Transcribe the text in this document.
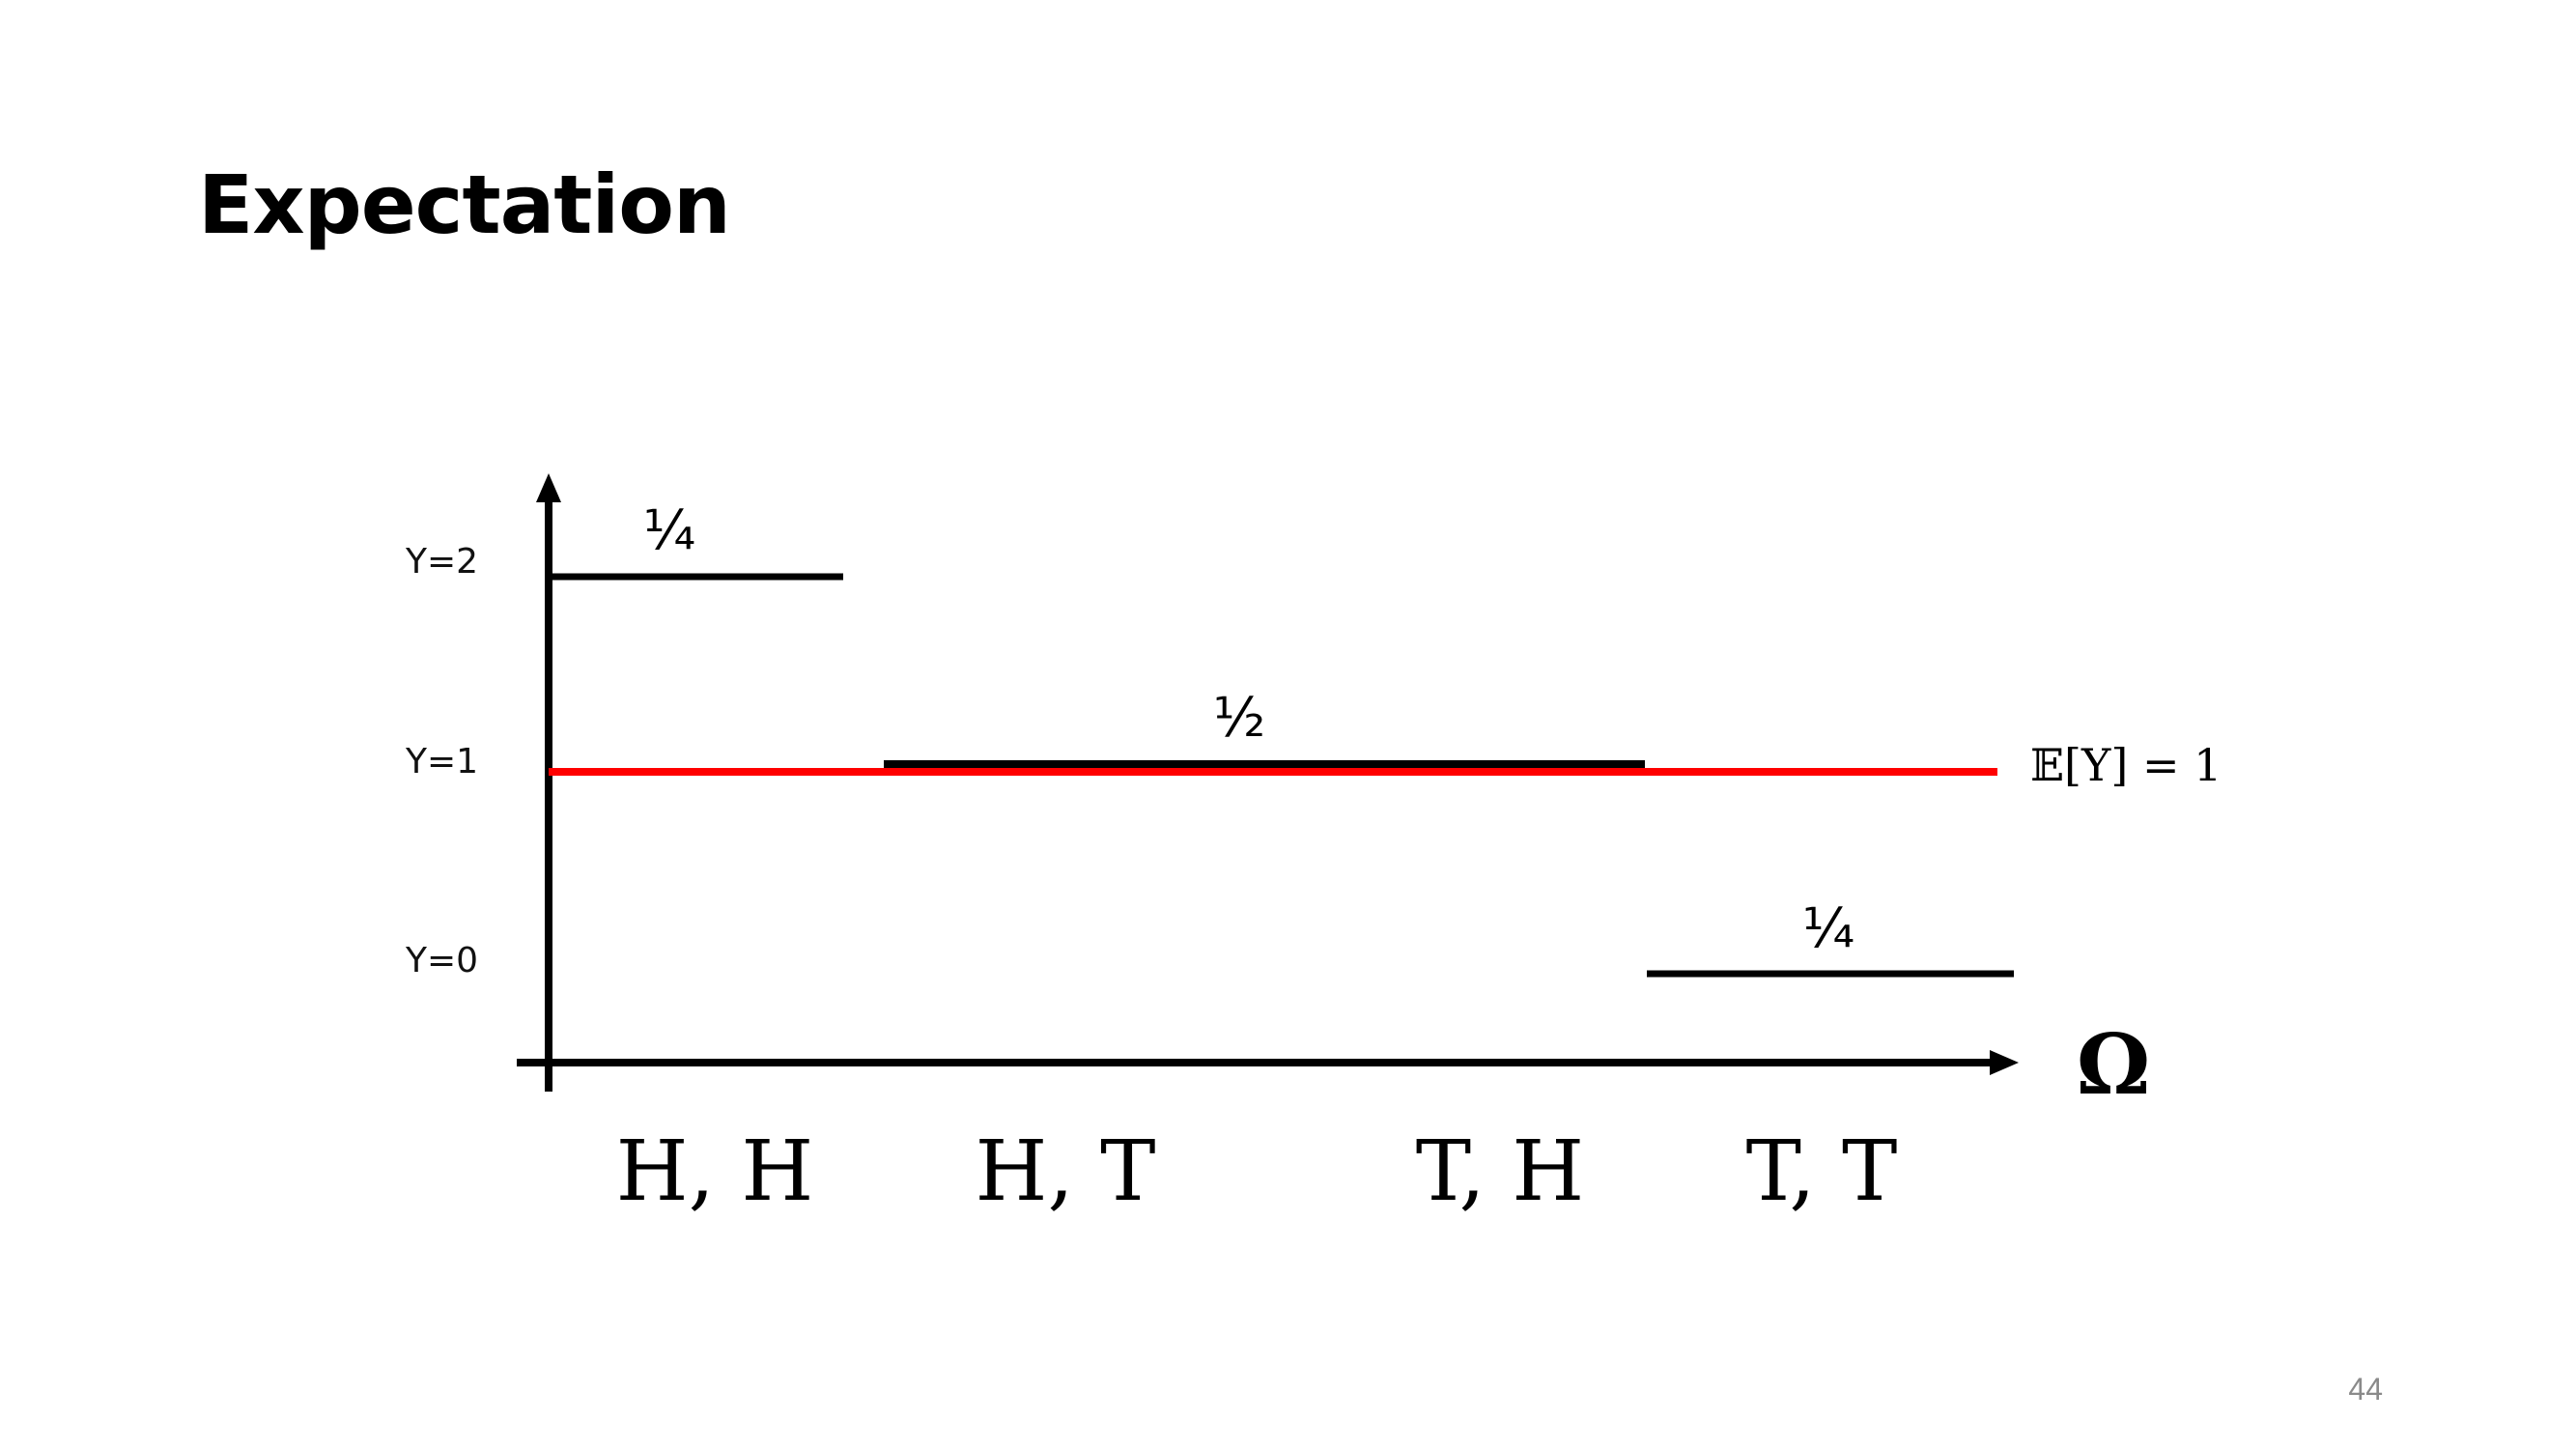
Expectation
Y=2
Y=1
Y=0
¼
½
¼
𝔼[Y] = 1
Ω
H, H H, T	T, H T, T
44
